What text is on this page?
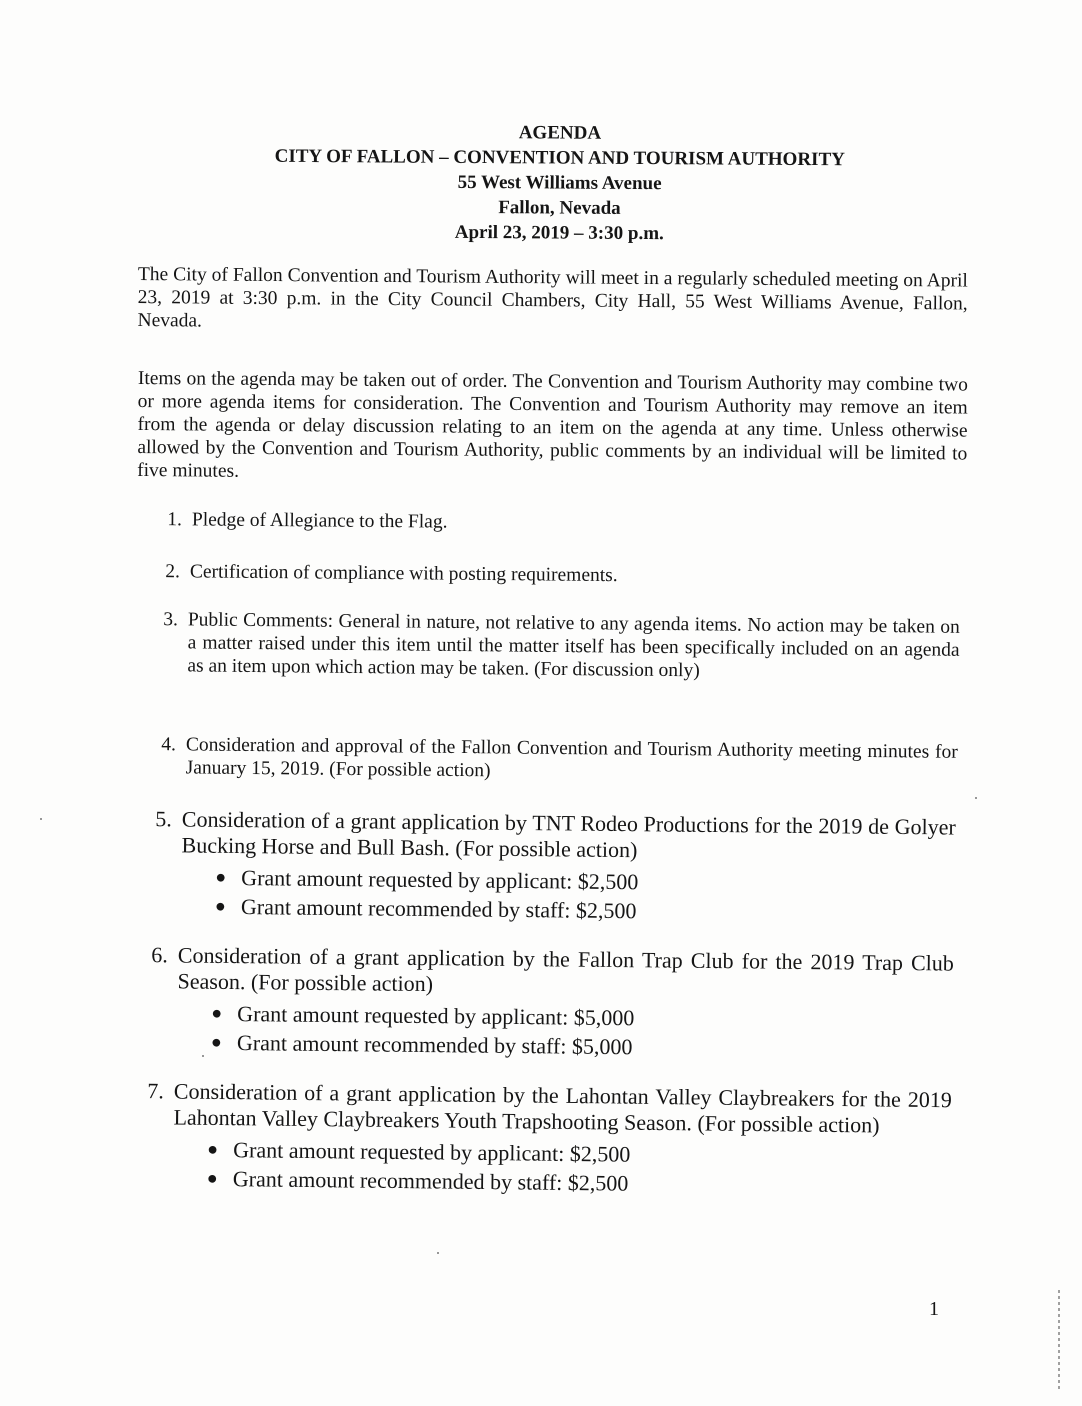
AGENDA
CITY OF FALLON – CONVENTION AND TOURISM AUTHORITY
55 West Williams Avenue
Fallon, Nevada
April 23, 2019 – 3:30 p.m.
The City of Fallon Convention and Tourism Authority will meet in a regularly scheduled meeting on April 23, 2019 at 3:30 p.m. in the City Council Chambers, City Hall, 55 West Williams Avenue, Fallon, Nevada.
Items on the agenda may be taken out of order. The Convention and Tourism Authority may combine two or more agenda items for consideration. The Convention and Tourism Authority may remove an item from the agenda or delay discussion relating to an item on the agenda at any time. Unless otherwise allowed by the Convention and Tourism Authority, public comments by an individual will be limited to five minutes.
1. Pledge of Allegiance to the Flag.
2. Certification of compliance with posting requirements.
3. Public Comments: General in nature, not relative to any agenda items. No action may be taken on a matter raised under this item until the matter itself has been specifically included on an agenda as an item upon which action may be taken. (For discussion only)
4. Consideration and approval of the Fallon Convention and Tourism Authority meeting minutes for January 15, 2019. (For possible action)
5. Consideration of a grant application by TNT Rodeo Productions for the 2019 de Golyer Bucking Horse and Bull Bash. (For possible action)
● Grant amount requested by applicant: $2,500
● Grant amount recommended by staff: $2,500
6. Consideration of a grant application by the Fallon Trap Club for the 2019 Trap Club Season. (For possible action)
● Grant amount requested by applicant: $5,000
● Grant amount recommended by staff: $5,000
7. Consideration of a grant application by the Lahontan Valley Claybreakers for the 2019 Lahontan Valley Claybreakers Youth Trapshooting Season. (For possible action)
● Grant amount requested by applicant: $2,500
● Grant amount recommended by staff: $2,500
1
